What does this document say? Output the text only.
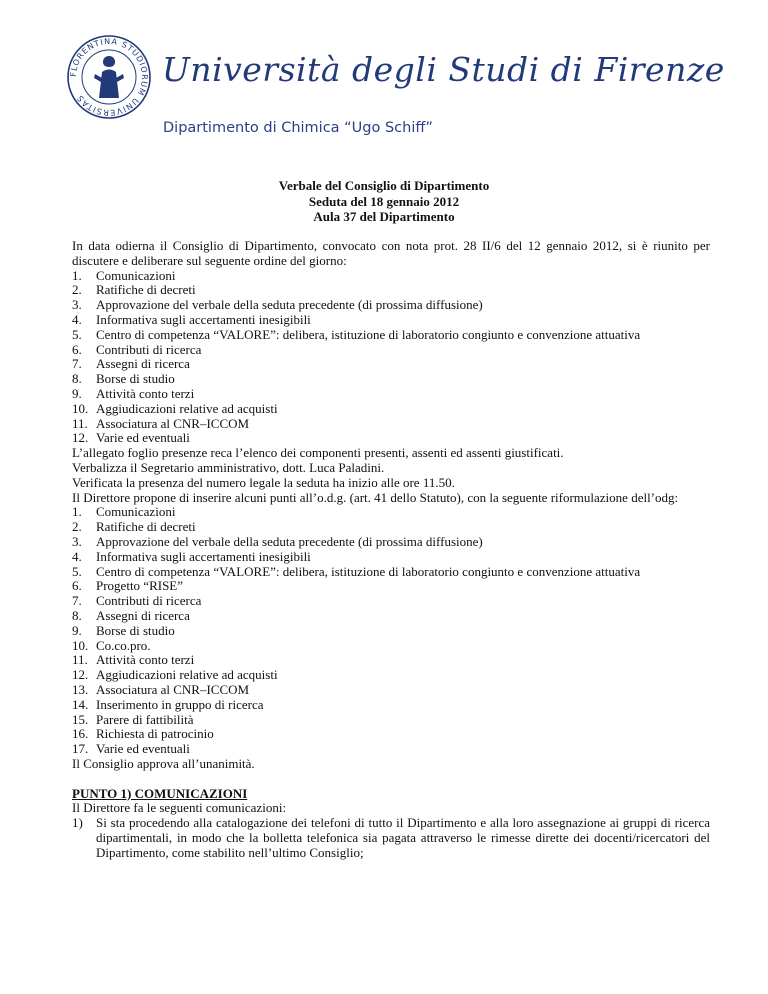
FLORENTINA STUDIORUM UNIVERSITAS
Università degli Studi di Firenze
Dipartimento di Chimica “Ugo Schiff”
Verbale del Consiglio di Dipartimento
Seduta del 18 gennaio 2012
Aula 37 del Dipartimento

In data odierna il Consiglio di Dipartimento, convocato con nota prot. 28 II/6 del 12 gennaio 2012, si è riunito per discutere e deliberare sul seguente ordine del giorno:

1. Comunicazioni
2. Ratifiche di decreti
3. Approvazione del verbale della seduta precedente (di prossima diffusione)
4. Informativa sugli accertamenti inesigibili
5. Centro di competenza “VALORE”: delibera, istituzione di laboratorio congiunto e convenzione attuativa
6. Contributi di ricerca
7. Assegni di ricerca
8. Borse di studio
9. Attività conto terzi
10. Aggiudicazioni relative ad acquisti
11. Associatura al CNR–ICCOM
12. Varie ed eventuali

L’allegato foglio presenze reca l’elenco dei componenti presenti, assenti ed assenti giustificati.

Verbalizza il Segretario amministrativo, dott. Luca Paladini.

Verificata la presenza del numero legale la seduta ha inizio alle ore 11.50.

Il Direttore propone di inserire alcuni punti all’o.d.g. (art. 41 dello Statuto), con la seguente riformulazione dell’odg:

1. Comunicazioni
2. Ratifiche di decreti
3. Approvazione del verbale della seduta precedente (di prossima diffusione)
4. Informativa sugli accertamenti inesigibili
5. Centro di competenza “VALORE”: delibera, istituzione di laboratorio congiunto e convenzione attuativa
6. Progetto “RISE”
7. Contributi di ricerca
8. Assegni di ricerca
9. Borse di studio
10. Co.co.pro.
11. Attività conto terzi
12. Aggiudicazioni relative ad acquisti
13. Associatura al CNR–ICCOM
14. Inserimento in gruppo di ricerca
15. Parere di fattibilità
16. Richiesta di patrocinio
17. Varie ed eventuali

Il Consiglio approva all’unanimità.

PUNTO 1) COMUNICAZIONI

Il Direttore fa le seguenti comunicazioni:

1) Si sta procedendo alla catalogazione dei telefoni di tutto il Dipartimento e alla loro assegnazione ai gruppi di ricerca dipartimentali, in modo che la bolletta telefonica sia pagata attraverso le rimesse dirette dei docenti/ricercatori del Dipartimento, come stabilito nell’ultimo Consiglio;
